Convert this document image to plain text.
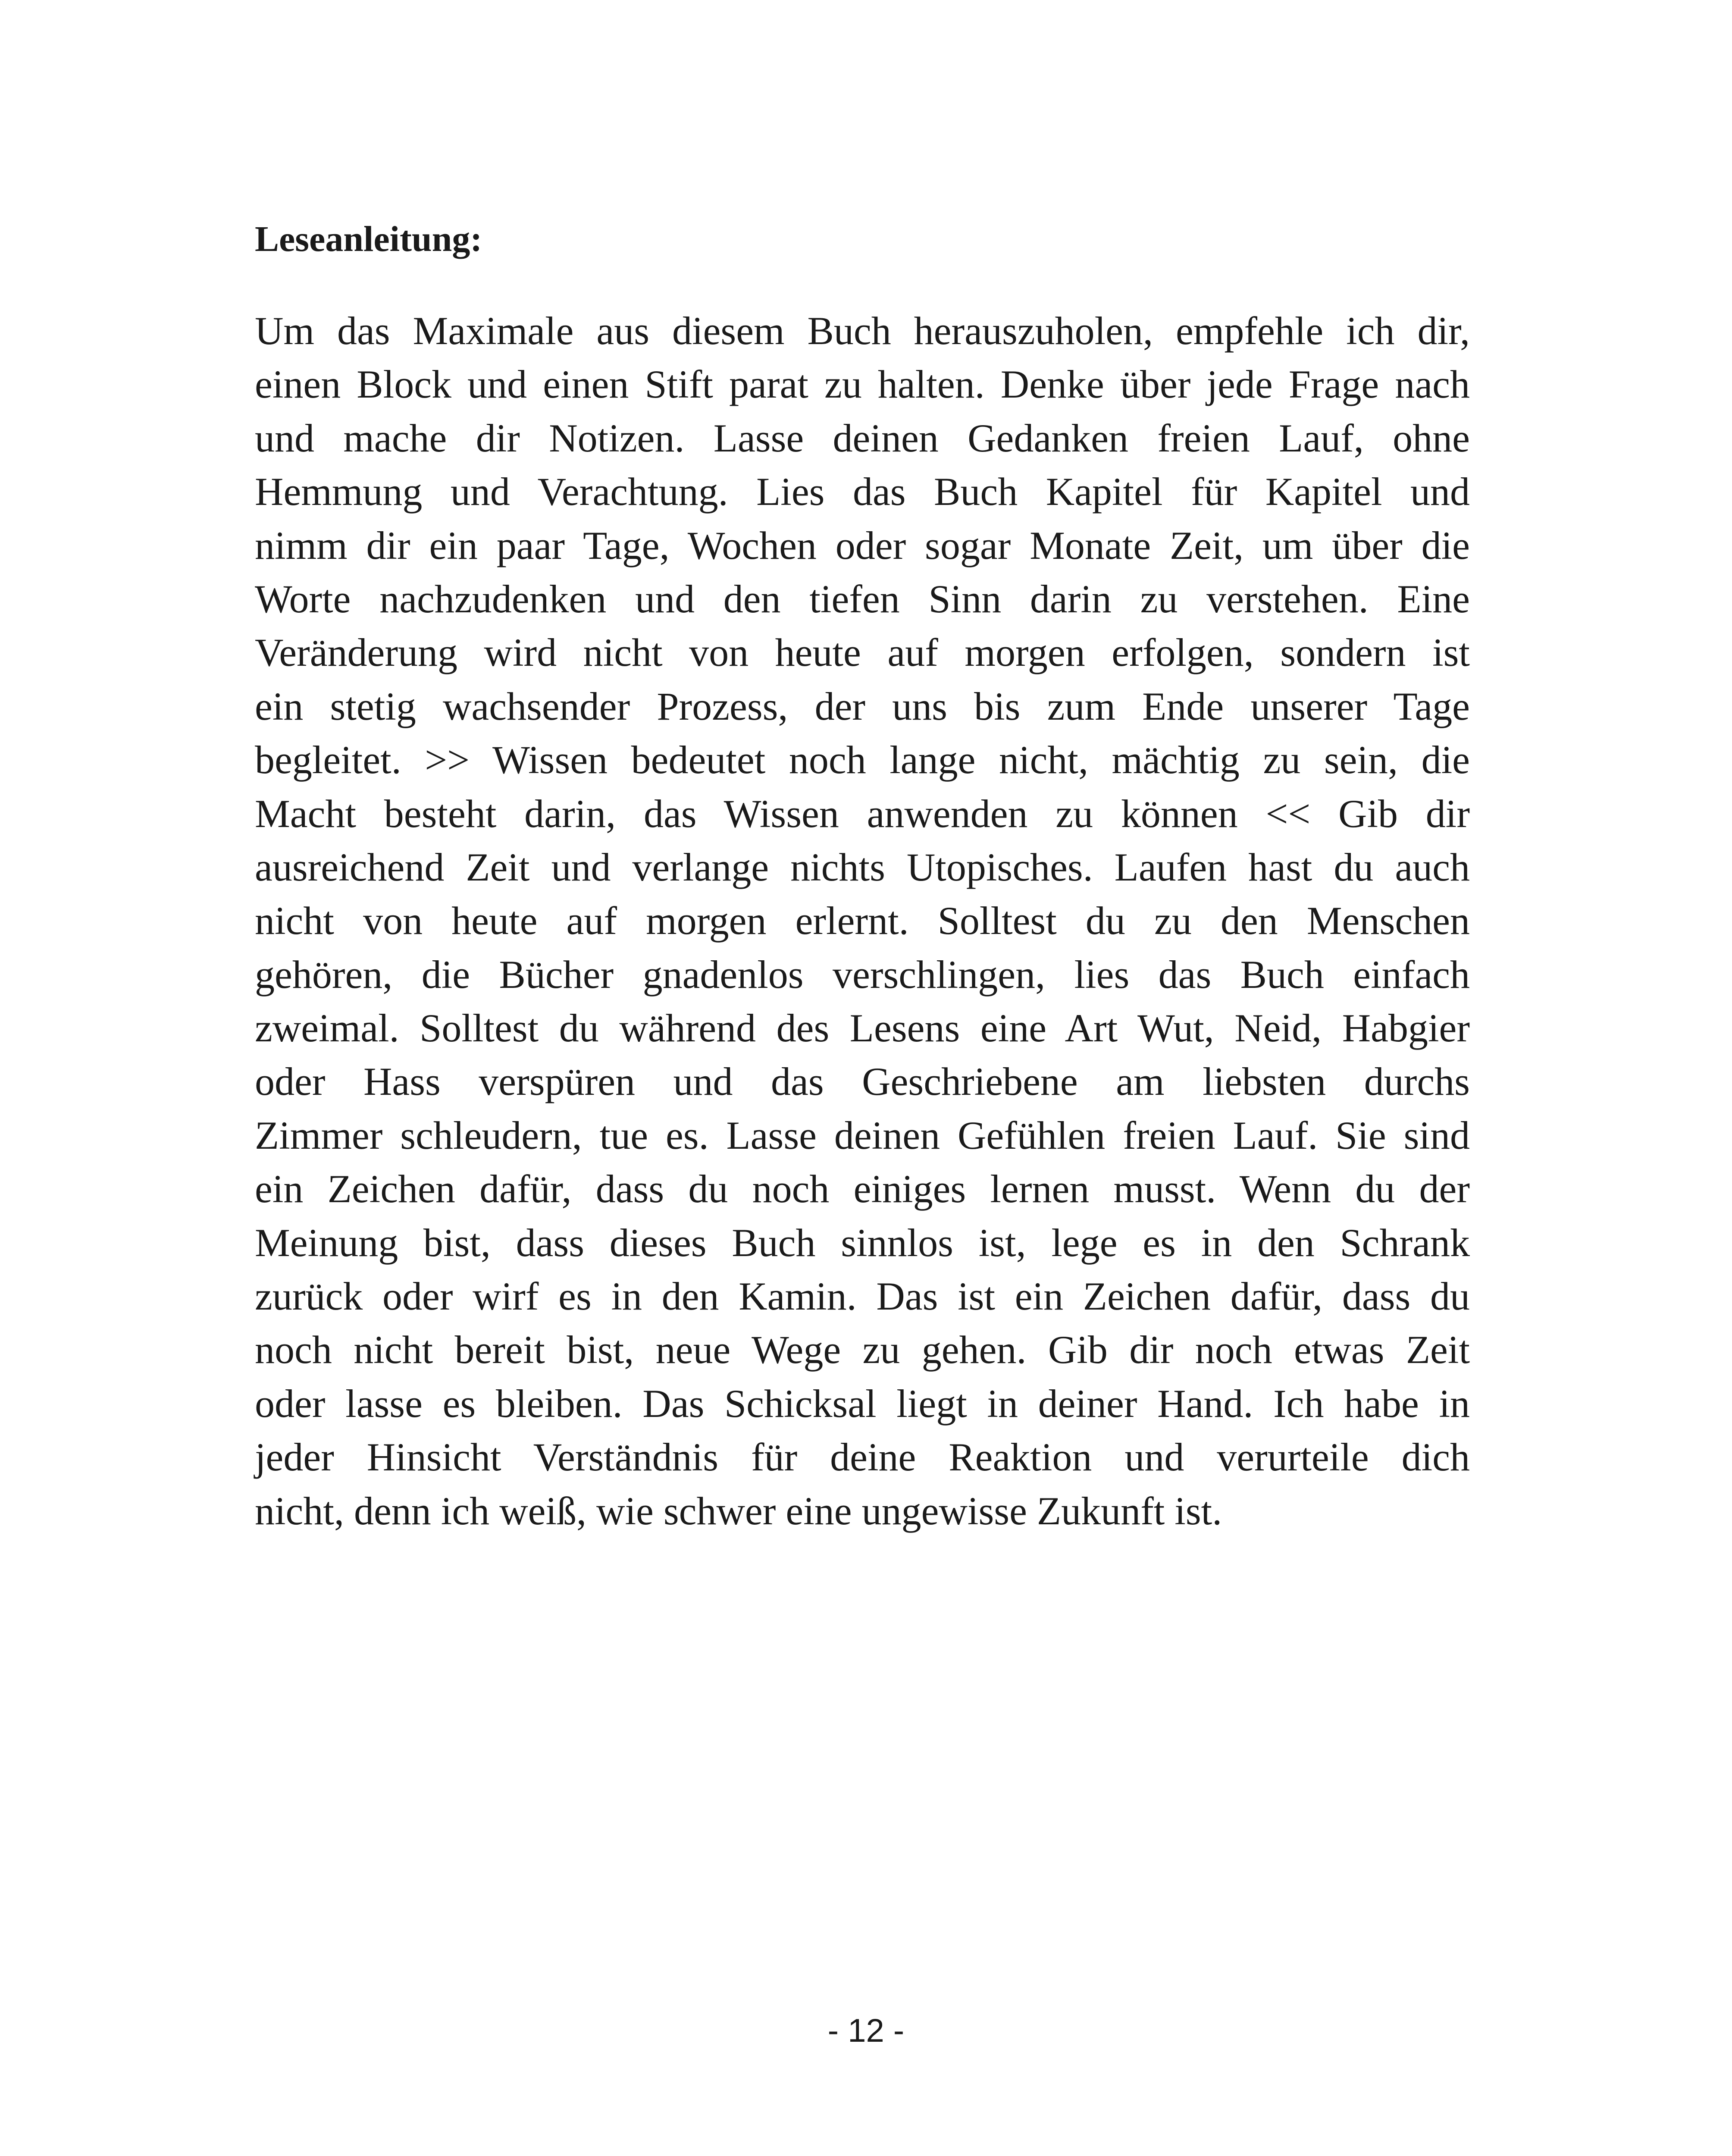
Leseanleitung:
Um das Maximale aus diesem Buch herauszuholen, empfehle ich dir,
einen Block und einen Stift parat zu halten. Denke über jede Frage nach
und mache dir Notizen. Lasse deinen Gedanken freien Lauf, ohne
Hemmung und Verachtung. Lies das Buch Kapitel für Kapitel und
nimm dir ein paar Tage, Wochen oder sogar Monate Zeit, um über die
Worte nachzudenken und den tiefen Sinn darin zu verstehen. Eine
Veränderung wird nicht von heute auf morgen erfolgen, sondern ist
ein stetig wachsender Prozess, der uns bis zum Ende unserer Tage
begleitet. >> Wissen bedeutet noch lange nicht, mächtig zu sein, die
Macht besteht darin, das Wissen anwenden zu können << Gib dir
ausreichend Zeit und verlange nichts Utopisches. Laufen hast du auch
nicht von heute auf morgen erlernt. Solltest du zu den Menschen
gehören, die Bücher gnadenlos verschlingen, lies das Buch einfach
zweimal. Solltest du während des Lesens eine Art Wut, Neid, Habgier
oder Hass verspüren und das Geschriebene am liebsten durchs
Zimmer schleudern, tue es. Lasse deinen Gefühlen freien Lauf. Sie sind
ein Zeichen dafür, dass du noch einiges lernen musst. Wenn du der
Meinung bist, dass dieses Buch sinnlos ist, lege es in den Schrank
zurück oder wirf es in den Kamin. Das ist ein Zeichen dafür, dass du
noch nicht bereit bist, neue Wege zu gehen. Gib dir noch etwas Zeit
oder lasse es bleiben. Das Schicksal liegt in deiner Hand. Ich habe in
jeder Hinsicht Verständnis für deine Reaktion und verurteile dich
nicht, denn ich weiß, wie schwer eine ungewisse Zukunft ist.
- 12 -
